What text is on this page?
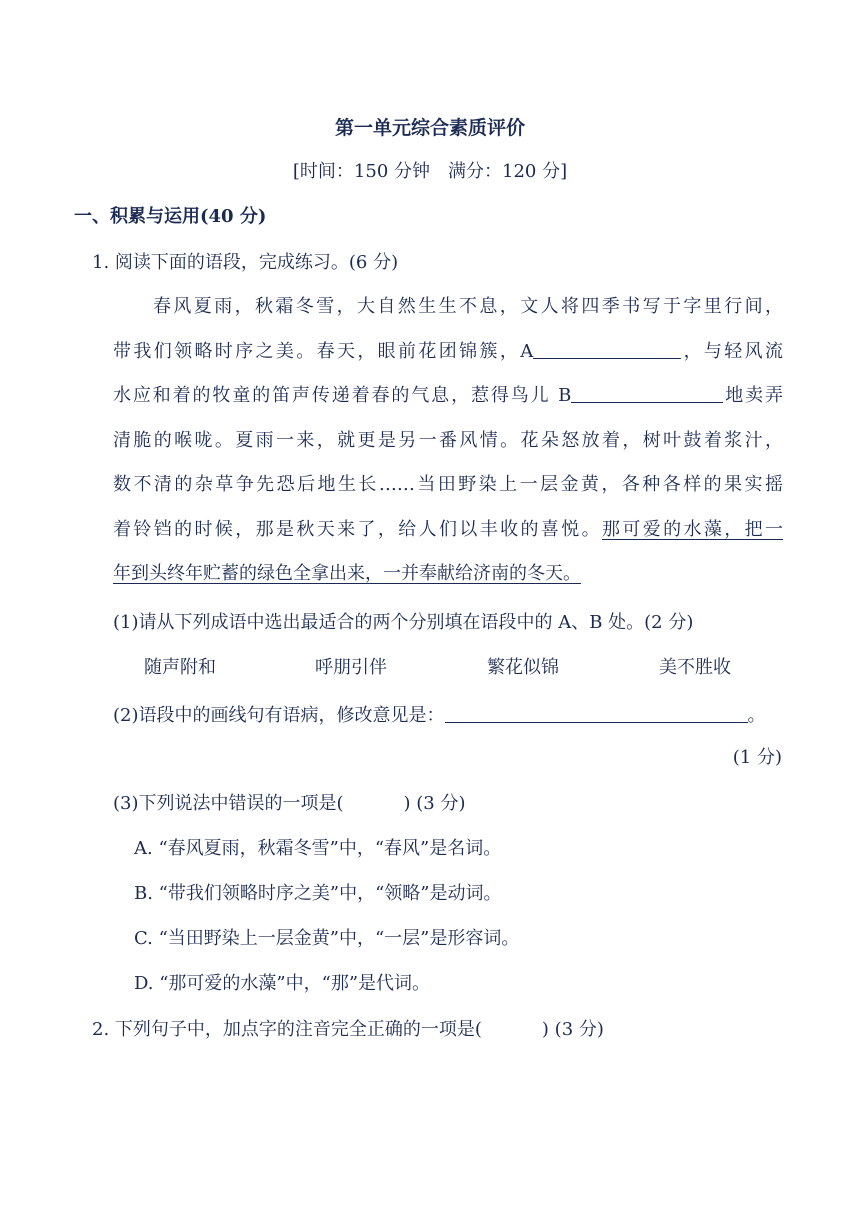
第一单元综合素质评价
[时间：150 分钟　满分：120 分]
一、积累与运用(40 分)
1. 阅读下面的语段，完成练习。(6 分)
春风夏雨，秋霜冬雪，大自然生生不息，文人将四季书写于字里行间，
带我们领略时序之美。春天，眼前花团锦簇，A	，与轻风流
水应和着的牧童的笛声传递着春的气息，惹得鸟儿 B	地卖弄
清脆的喉咙。夏雨一来，就更是另一番风情。花朵怒放着，树叶鼓着浆汁，
数不清的杂草争先恐后地生长……当田野染上一层金黄，各种各样的果实摇
着铃铛的时候，那是秋天来了，给人们以丰收的喜悦。那可爱的水藻，把一
年到头终年贮蓄的绿色全拿出来，一并奉献给济南的冬天。
(1)请从下列成语中选出最适合的两个分别填在语段中的 A、B 处。(2 分)
随声附和	呼朋引伴	繁花似锦	美不胜收
(2)语段中的画线句有语病，修改意见是：	。
(1 分)
(3)下列说法中错误的一项是(	) (3 分)
A. “春风夏雨，秋霜冬雪”中，“春风”是名词。
B. “带我们领略时序之美”中，“领略”是动词。
C. “当田野染上一层金黄”中，“一层”是形容词。
D. “那可爱的水藻”中，“那”是代词。
2. 下列句子中，加点字的注音完全正确的一项是(	) (3 分)
